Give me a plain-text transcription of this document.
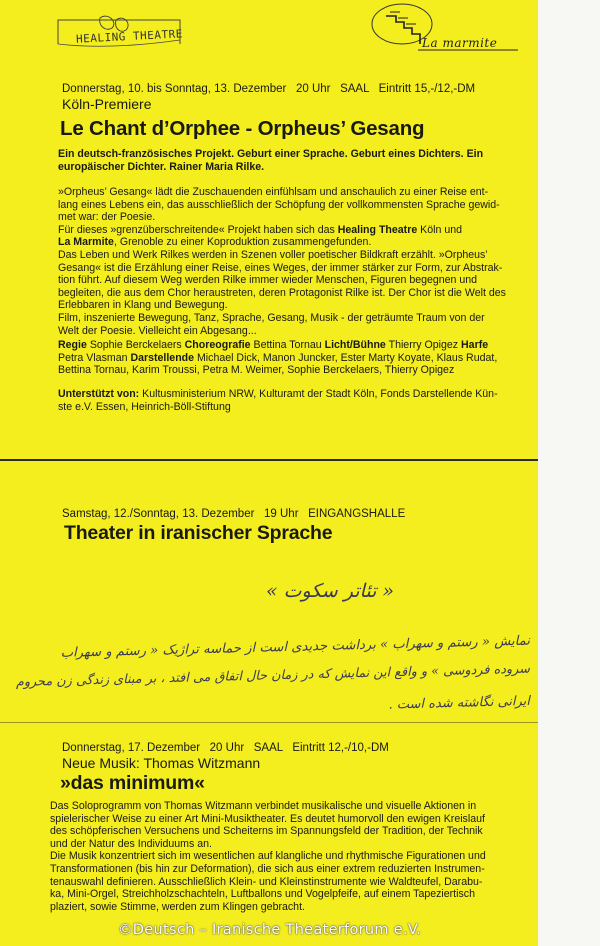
HEALING THEATRE	La marmite
Donnerstag, 10. bis Sonntag, 13. Dezember   20 Uhr   SAAL   Eintritt 15,-/12,-DM
Köln-Premiere
Le Chant d’Orphee - Orpheus’ Gesang
Ein deutsch-französisches Projekt. Geburt einer Sprache. Geburt eines Dichters. Ein
europäischer Dichter. Rainer Maria Rilke.
»Orpheus’ Gesang« lädt die Zuschauenden einfühlsam und anschaulich zu einer Reise ent-
lang eines Lebens ein, das ausschließlich der Schöpfung der vollkommensten Sprache gewid-
met war: der Poesie.
Für dieses »grenzüberschreitende« Projekt haben sich das Healing Theatre Köln und
La Marmite, Grenoble zu einer Koproduktion zusammengefunden.
Das Leben und Werk Rilkes werden in Szenen voller poetischer Bildkraft erzählt. »Orpheus’
Gesang« ist die Erzählung einer Reise, eines Weges, der immer stärker zur Form, zur Abstrak-
tion führt. Auf diesem Weg werden Rilke immer wieder Menschen, Figuren begegnen und
begleiten, die aus dem Chor heraustreten, deren Protagonist Rilke ist. Der Chor ist die Welt des
Erlebbaren in Klang und Bewegung.
Film, inszenierte Bewegung, Tanz, Sprache, Gesang, Musik - der geträumte Traum von der
Welt der Poesie. Vielleicht ein Abgesang...
Regie Sophie Berckelaers Choreografie Bettina Tornau Licht/Bühne Thierry Opigez Harfe
Petra Vlasman Darstellende Michael Dick, Manon Juncker, Ester Marty Koyate, Klaus Rudat,
Bettina Tornau, Karim Troussi, Petra M. Weimer, Sophie Berckelaers, Thierry Opigez
Unterstützt von: Kultusministerium NRW, Kulturamt der Stadt Köln, Fonds Darstellende Kün-
ste e.V. Essen, Heinrich-Böll-Stiftung
Samstag, 12./Sonntag, 13. Dezember   19 Uhr   EINGANGSHALLE
Theater in iranischer Sprache
« تئاتر سکوت »
نمایش « رستم و سهراب » برداشت جدیدی است از حماسه تراژیک « رستم و سهراب
سروده فردوسی » و واقع این نمایش که در زمان حال اتفاق می افتد ، بر مبنای زندگی زن محروم
ایرانی نگاشته شده است .
Donnerstag, 17. Dezember   20 Uhr   SAAL   Eintritt 12,-/10,-DM
Neue Musik: Thomas Witzmann
»das minimum«
Das Soloprogramm von Thomas Witzmann verbindet musikalische und visuelle Aktionen in
spielerischer Weise zu einer Art Mini-Musiktheater. Es deutet humorvoll den ewigen Kreislauf
des schöpferischen Versuchens und Scheiterns im Spannungsfeld der Tradition, der Technik
und der Natur des Individuums an.
Die Musik konzentriert sich im wesentlichen auf klangliche und rhythmische Figurationen und
Transformationen (bis hin zur Deformation), die sich aus einer extrem reduzierten Instrumen-
tenauswahl definieren. Ausschließlich Klein- und Kleinstinstrumente wie Waldteufel, Darabu-
ka, Mini-Orgel, Streichholzschachteln, Luftballons und Vogelpfeife, auf einem Tapeziertisch
plaziert, sowie Stimme, werden zum Klingen gebracht.
©Deutsch – Iranische Theaterforum e.V.
